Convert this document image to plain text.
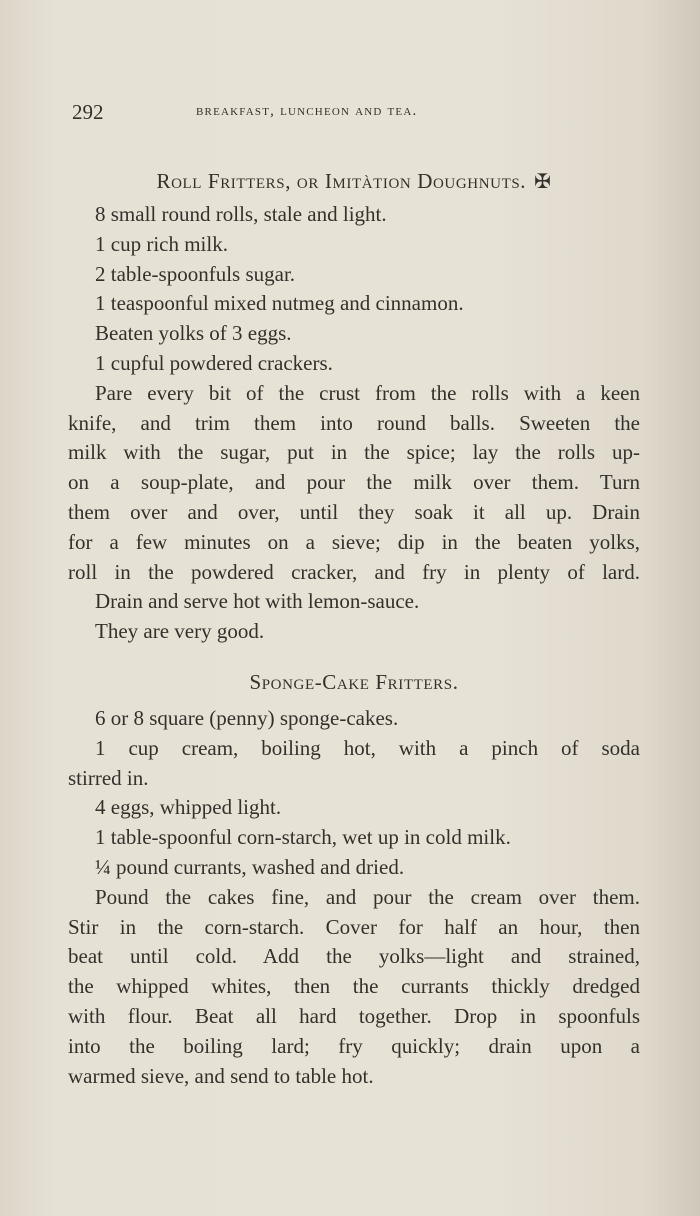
292	breakfast, luncheon and tea.
Roll Fritters, or Imitàtion Doughnuts. ✠
8 small round rolls, stale and light.
1 cup rich milk.
2 table-spoonfuls sugar.
1 teaspoonful mixed nutmeg and cinnamon.
Beaten yolks of 3 eggs.
1 cupful powdered crackers.
Pare every bit of the crust from the rolls with a keen
knife, and trim them into round balls. Sweeten the
milk with the sugar, put in the spice; lay the rolls up-
on a soup-plate, and pour the milk over them. Turn
them over and over, until they soak it all up. Drain
for a few minutes on a sieve; dip in the beaten yolks,
roll in the powdered cracker, and fry in plenty of lard.
Drain and serve hot with lemon-sauce.
They are very good.
Sponge-Cake Fritters.
6 or 8 square (penny) sponge-cakes.
1 cup cream, boiling hot, with a pinch of soda
stirred in.
4 eggs, whipped light.
1 table-spoonful corn-starch, wet up in cold milk.
¼ pound currants, washed and dried.
Pound the cakes fine, and pour the cream over them.
Stir in the corn-starch. Cover for half an hour, then
beat until cold. Add the yolks—light and strained,
the whipped whites, then the currants thickly dredged
with flour. Beat all hard together. Drop in spoonfuls
into the boiling lard; fry quickly; drain upon a
warmed sieve, and send to table hot.
